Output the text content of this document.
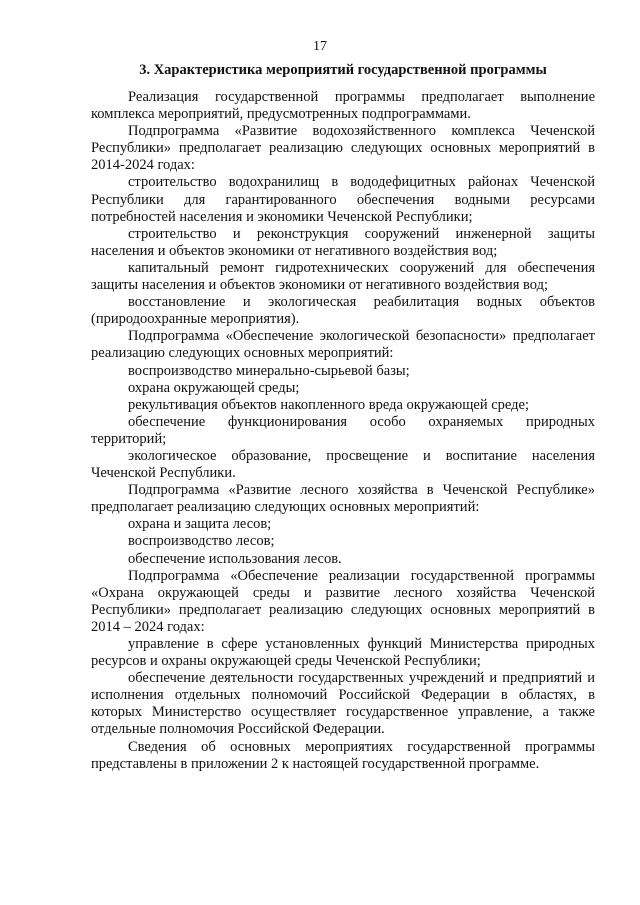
17
3. Характеристика мероприятий государственной программы

Реализация государственной программы предполагает выполнение комплекса мероприятий, предусмотренных подпрограммами.

Подпрограмма «Развитие водохозяйственного комплекса Чеченской Республики» предполагает реализацию следующих основных мероприятий в 2014-2024 годах:

строительство водохранилищ в вододефицитных районах Чеченской Республики для гарантированного обеспечения водными ресурсами потребностей населения и экономики Чеченской Республики;

строительство и реконструкция сооружений инженерной защиты населения и объектов экономики от негативного воздействия вод;

капитальный ремонт гидротехнических сооружений для обеспечения защиты населения и объектов экономики от негативного воздействия вод;

восстановление и экологическая реабилитация водных объектов (природоохранные мероприятия).

Подпрограмма «Обеспечение экологической безопасности» предполагает реализацию следующих основных мероприятий:

воспроизводство минерально-сырьевой базы;

охрана окружающей среды;

рекультивация объектов накопленного вреда окружающей среде;

обеспечение функционирования особо охраняемых природных территорий;

экологическое образование, просвещение и воспитание населения Чеченской Республики.

Подпрограмма «Развитие лесного хозяйства в Чеченской Республике» предполагает реализацию следующих основных мероприятий:

охрана и защита лесов;

воспроизводство лесов;

обеспечение использования лесов.

Подпрограмма «Обеспечение реализации государственной программы «Охрана окружающей среды и развитие лесного хозяйства Чеченской Республики» предполагает реализацию следующих основных мероприятий в 2014 – 2024 годах:

управление в сфере установленных функций Министерства природных ресурсов и охраны окружающей среды Чеченской Республики;

обеспечение деятельности государственных учреждений и предприятий и исполнения отдельных полномочий Российской Федерации в областях, в которых Министерство осуществляет государственное управление, а также отдельные полномочия Российской Федерации.

Сведения об основных мероприятиях государственной программы представлены в приложении 2 к настоящей государственной программе.
